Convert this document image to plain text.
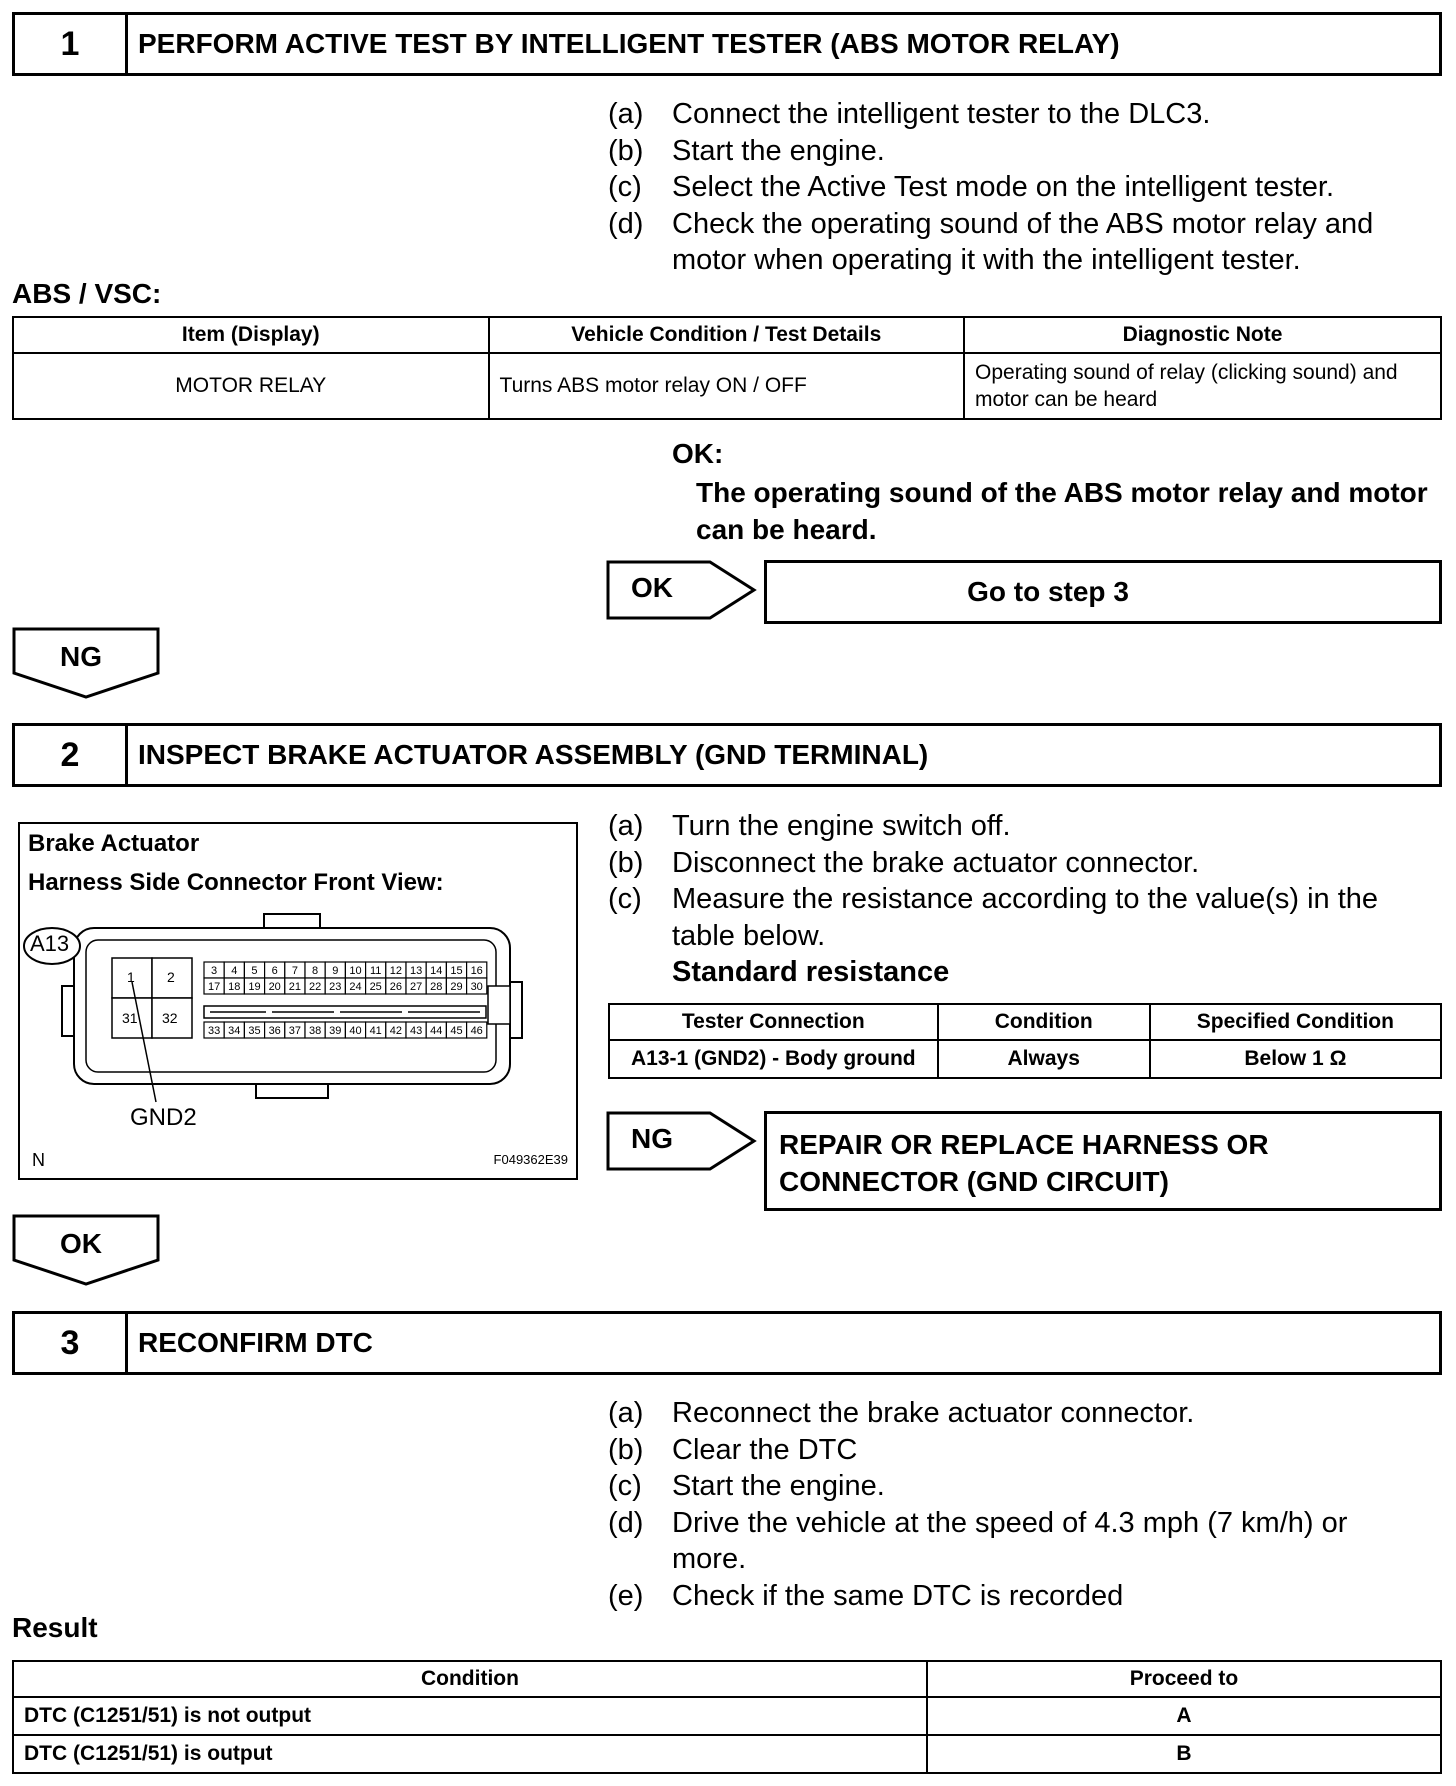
1	PERFORM ACTIVE TEST BY INTELLIGENT TESTER (ABS MOTOR RELAY)
(a) Connect the intelligent tester to the DLC3.
(b) Start the engine.
(c)	Select the Active Test mode on the intelligent tester.
(d) Check the operating sound of the ABS motor relay and motor when operating it with the intelligent tester.
ABS / VSC:
Item (Display)	Vehicle Condition / Test Details	Diagnostic Note
MOTOR RELAY	Turns ABS motor relay ON / OFF	Operating sound of relay (clicking sound) and motor can be heard
OK:
The operating sound of the ABS motor relay and motor can be heard.
OK	Go to step 3
NG
2	INSPECT BRAKE ACTUATOR ASSEMBLY (GND TERMINAL)
Brake Actuator
Harness Side Connector Front View:
A13
1 2
31 32
3	4	5	6	7	8	9	10 11 12 13 14 15 16
17 18 19 20 21 22 23 24 25 26 27 28 29 30
33 34 35 36 37 38 39 40 41 42 43 44 45 46
GND2
N	F049362E39
(a) Turn the engine switch off.
(b) Disconnect the brake actuator connector.
(c)	Measure the resistance according to the value(s) in the table below.
Standard resistance
Tester Connection	Condition	Specified Condition
A13-1 (GND2) - Body ground	Always	Below 1 Ω
NG	REPAIR OR REPLACE HARNESS OR CONNECTOR (GND CIRCUIT)
OK
3	RECONFIRM DTC
(a) Reconnect the brake actuator connector.
(b) Clear the DTC
(c)	Start the engine.
(d) Drive the vehicle at the speed of 4.3 mph (7 km/h) or more.
(e) Check if the same DTC is recorded
Result
Condition	Proceed to
DTC (C1251/51) is not output	A
DTC (C1251/51) is output	B
